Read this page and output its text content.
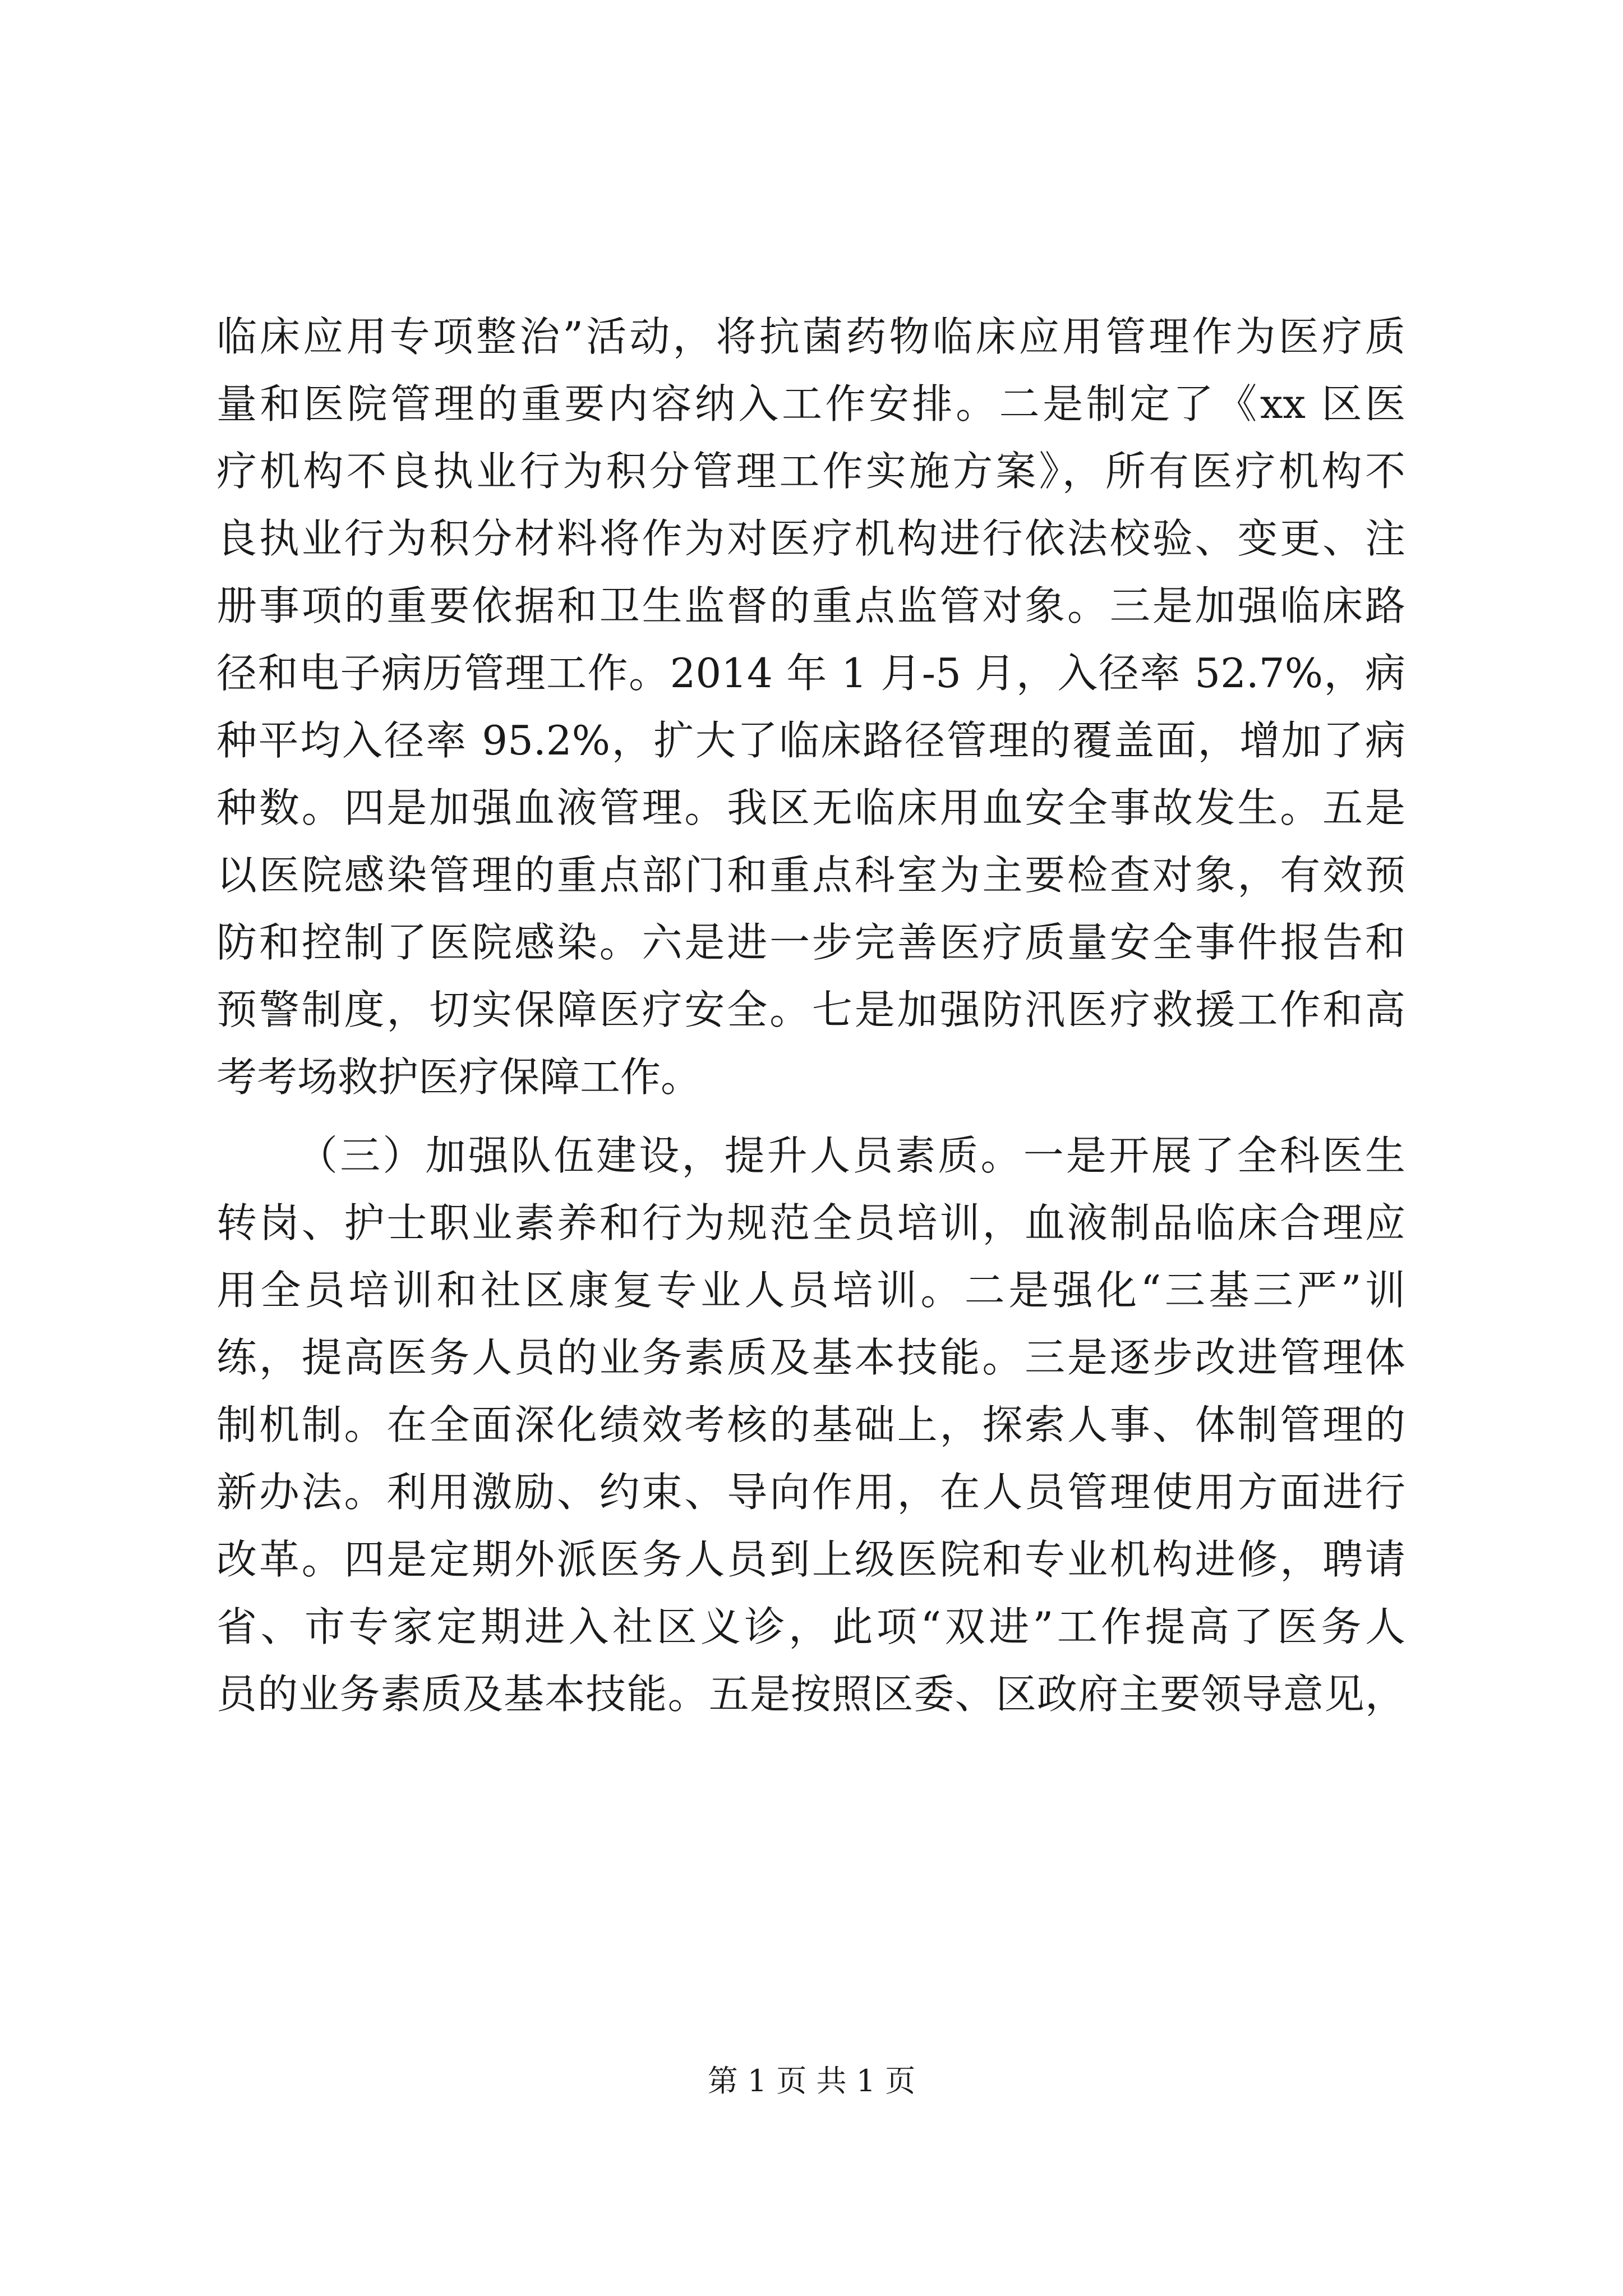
临床应用专项整治”活动，将抗菌药物临床应用管理作为医疗质
量和医院管理的重要内容纳入工作安排。二是制定了《xx 区医
疗机构不良执业行为积分管理工作实施方案》，所有医疗机构不
良执业行为积分材料将作为对医疗机构进行依法校验、变更、注
册事项的重要依据和卫生监督的重点监管对象。三是加强临床路
径和电子病历管理工作。2014 年 1 月-5 月，入径率 52.7%，病
种平均入径率 95.2%，扩大了临床路径管理的覆盖面，增加了病
种数。四是加强血液管理。我区无临床用血安全事故发生。五是
以医院感染管理的重点部门和重点科室为主要检查对象，有效预
防和控制了医院感染。六是进一步完善医疗质量安全事件报告和
预警制度，切实保障医疗安全。七是加强防汛医疗救援工作和高
考考场救护医疗保障工作。
（三）加强队伍建设，提升人员素质。一是开展了全科医生
转岗、护士职业素养和行为规范全员培训，血液制品临床合理应
用全员培训和社区康复专业人员培训。二是强化“三基三严”训
练，提高医务人员的业务素质及基本技能。三是逐步改进管理体
制机制。在全面深化绩效考核的基础上，探索人事、体制管理的
新办法。利用激励、约束、导向作用，在人员管理使用方面进行
改革。四是定期外派医务人员到上级医院和专业机构进修，聘请
省、市专家定期进入社区义诊，此项“双进”工作提高了医务人
员的业务素质及基本技能。五是按照区委、区政府主要领导意见，
第 1 页 共 1 页
